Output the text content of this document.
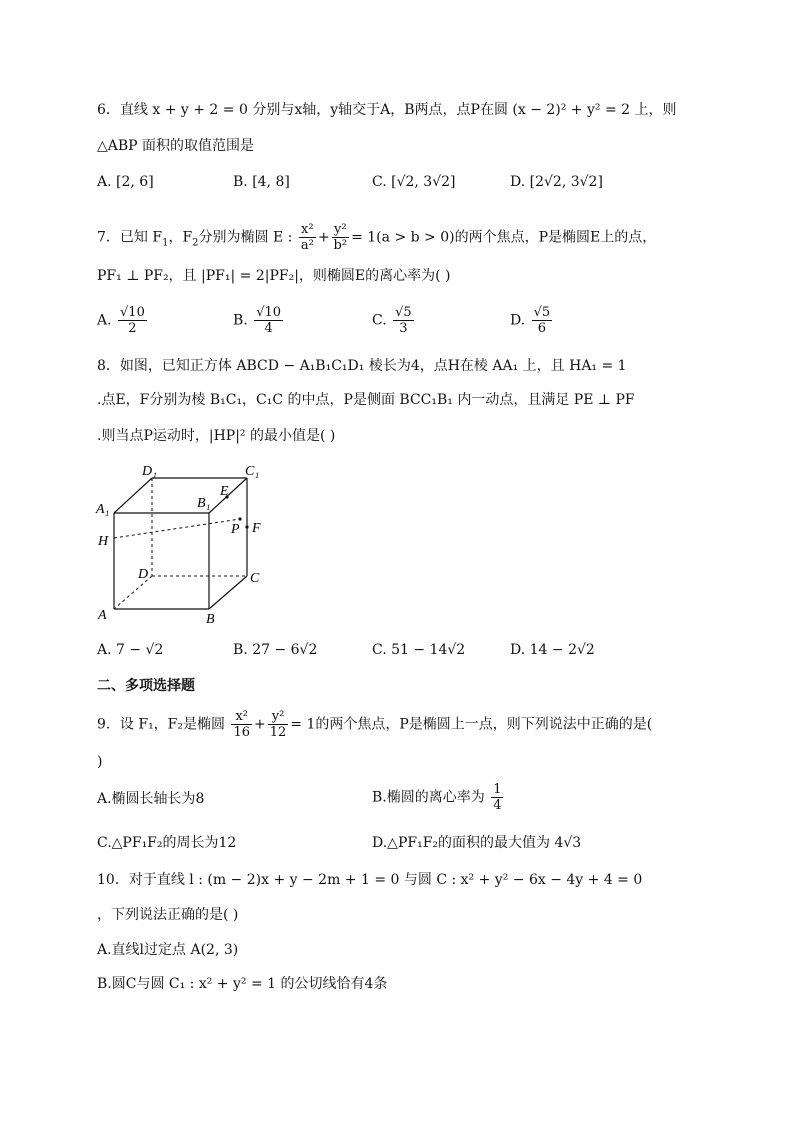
6．直线 x + y + 2 = 0 分别与x轴，y轴交于A，B两点，点P在圆 (x − 2)² + y² = 2 上，则
△ABP 面积的取值范围是
A. [2, 6]	B. [4, 8]	C. [√2, 3√2]	D. [2√2, 3√2]
7．已知 $F_1$，$F_2$分别为椭圆 E : $\frac{\text{x²}}{\text{a²}} + \frac{\text{y²}}{\text{b²}} = 1(a > b > 0)$的两个焦点，P是椭圆E上的点，
PF₁ ⊥ PF₂，且 |PF₁| = 2|PF₂|，则椭圆E的离心率为( )
A. $\frac{√10}{2}$	B. $\frac{√10}{4}$	C. $\frac{√5}{3}$	D. $\frac{√5}{6}$
8．如图，已知正方体 ABCD − A₁B₁C₁D₁ 棱长为4，点H在棱 AA₁ 上，且 HA₁ = 1
.点E，F分别为棱 B₁C₁，C₁C 的中点，P是侧面 BCC₁B₁ 内一动点，且满足 PE ⊥ PF
.则当点P运动时，|HP|² 的最小值是( )
D₁	C₁
A₁	B₁
E
P F
H
D	C
A	B
A. 7 − √2	B. 27 − 6√2	C. 51 − 14√2	D. 14 − 2√2
二、多项选择题
9．设 F₁，F₂是椭圆 $\frac{\text{x²}}{16} + \frac{\text{y²}}{12} = 1$的两个焦点，P是椭圆上一点，则下列说法中正确的是(
)
A.椭圆长轴长为8	B.椭圆的离心率为 $\frac{1}{4}$
C.△PF₁F₂的周长为12	D.△PF₁F₂的面积的最大值为 4√3
10．对于直线 l : (m − 2)x + y − 2m + 1 = 0 与圆 C : x² + y² − 6x − 4y + 4 = 0
，下列说法正确的是( )
A.直线l过定点 A(2, 3)
B.圆C与圆 C₁ : x² + y² = 1 的公切线恰有4条
